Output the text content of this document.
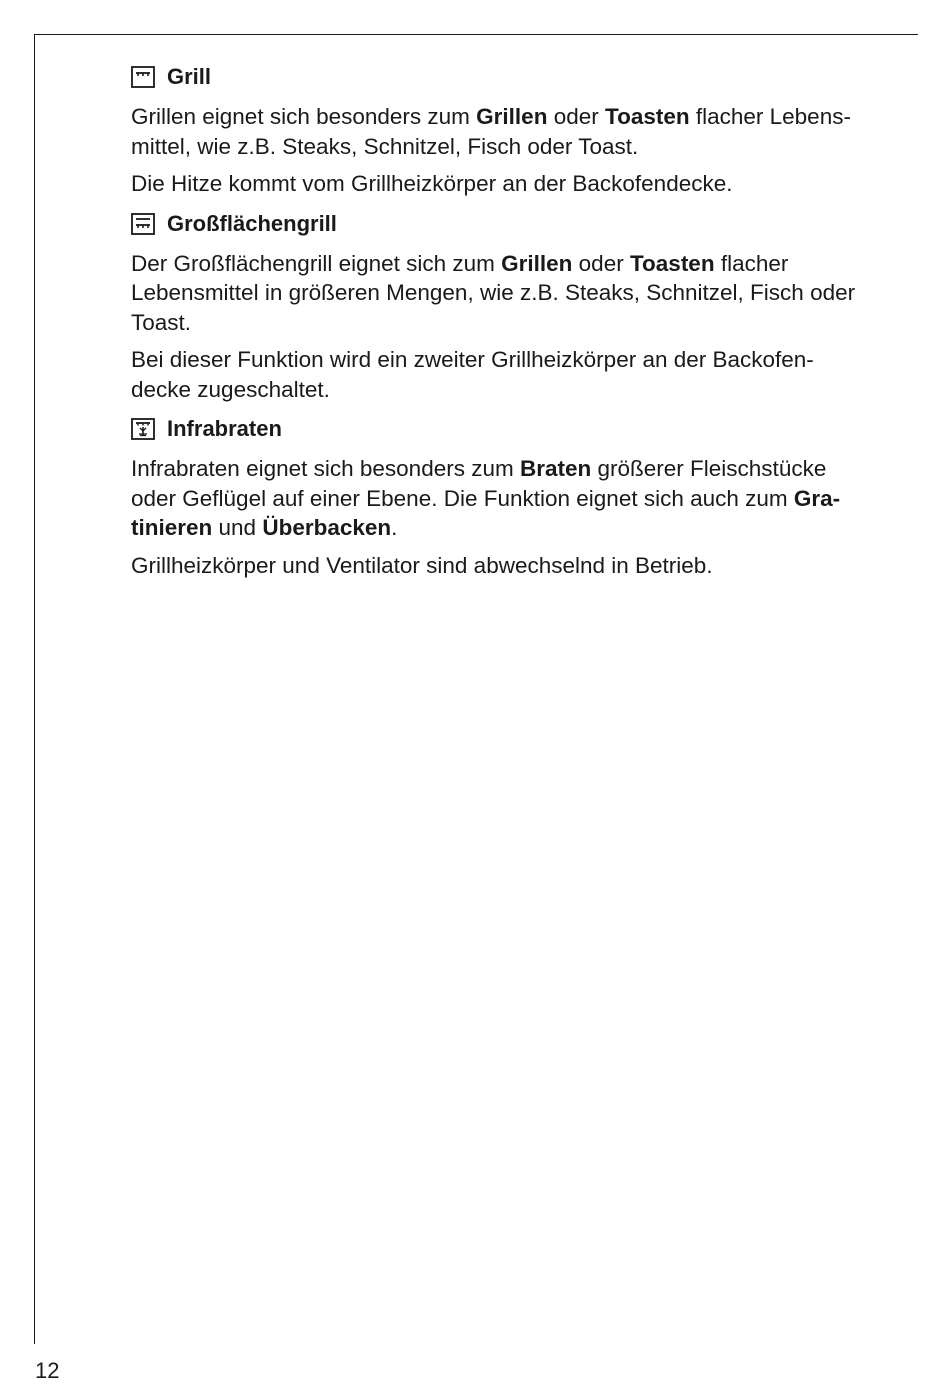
Grill

Grillen eignet sich besonders zum Grillen oder Toasten flacher Lebens-
mittel, wie z.B. Steaks, Schnitzel, Fisch oder Toast.

Die Hitze kommt vom Grillheizkörper an der Backofendecke.

Großflächengrill

Der Großflächengrill eignet sich zum Grillen oder Toasten flacher
Lebensmittel in größeren Mengen, wie z.B. Steaks, Schnitzel, Fisch oder
Toast.

Bei dieser Funktion wird ein zweiter Grillheizkörper an der Backofen-
decke zugeschaltet.

Infrabraten

Infrabraten eignet sich besonders zum Braten größerer Fleischstücke
oder Geflügel auf einer Ebene. Die Funktion eignet sich auch zum Gra-
tinieren und Überbacken.

Grillheizkörper und Ventilator sind abwechselnd in Betrieb.

12
